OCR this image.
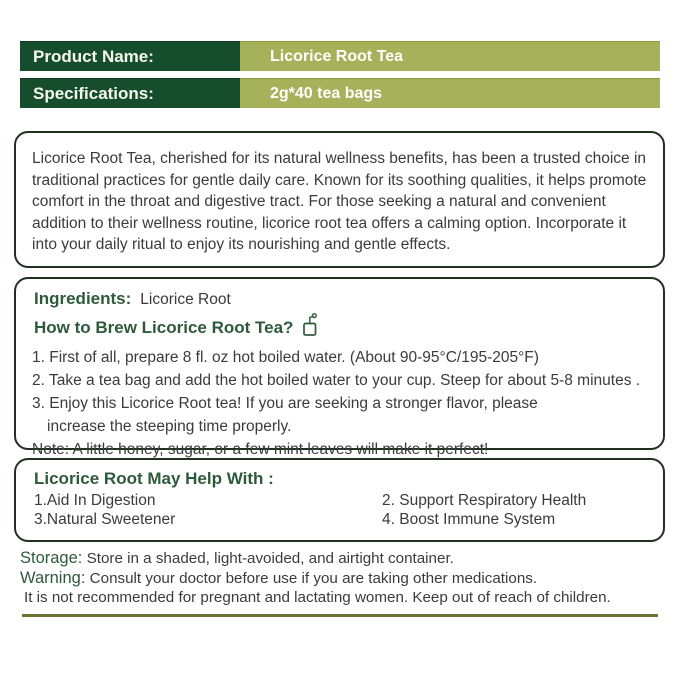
Product Name:	Licorice Root Tea
Specifications:	2g*40 tea bags

Licorice Root Tea, cherished for its natural wellness benefits, has been a trusted choice in traditional practices for gentle daily care. Known for its soothing qualities, it helps promote comfort in the throat and digestive tract. For those seeking a natural and convenient addition to their wellness routine, licorice root tea offers a calming option. Incorporate it into your daily ritual to enjoy its nourishing and gentle effects.

Ingredients: Licorice Root
How to Brew Licorice Root Tea?
1. First of all, prepare 8 fl. oz hot boiled water. (About 90-95°C/195-205°F)
2. Take a tea bag and add the hot boiled water to your cup. Steep for about 5-8 minutes .
3. Enjoy this Licorice Root tea! If you are seeking a stronger flavor, please
increase the steeping time properly.
Note: A little honey, sugar, or a few mint leaves will make it perfect!
Licorice Root May Help With :
1.Aid In Digestion	2. Support Respiratory Health
3.Natural Sweetener	4. Boost Immune System
Storage: Store in a shaded, light-avoided, and airtight container.
Warning: Consult your doctor before use if you are taking other medications.
It is not recommended for pregnant and lactating women. Keep out of reach of children.
